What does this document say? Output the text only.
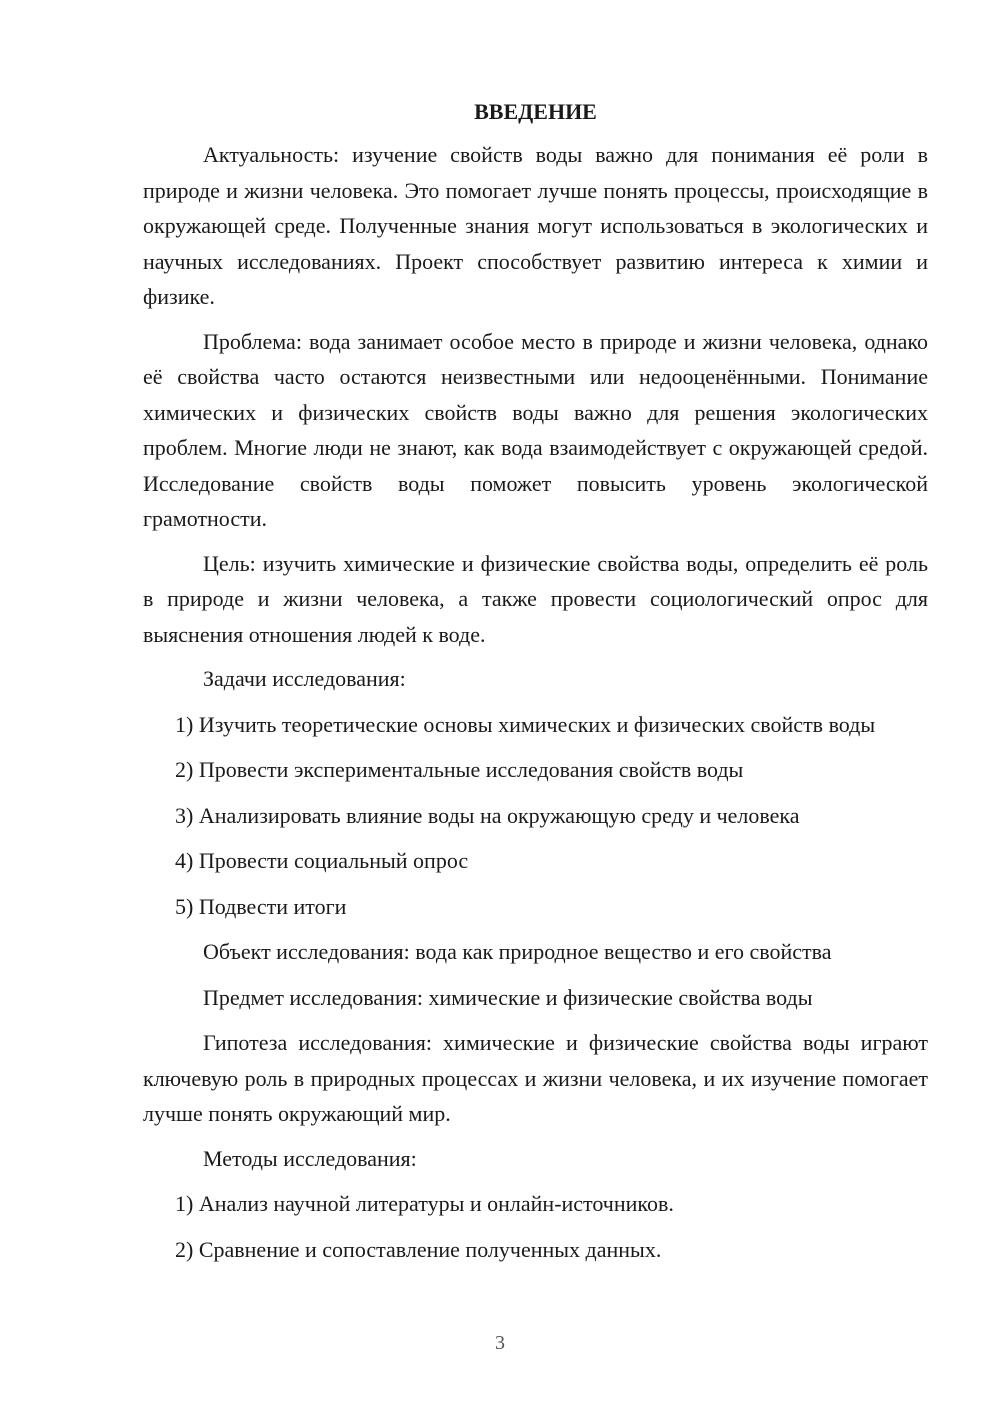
ВВЕДЕНИЕ

Актуальность: изучение свойств воды важно для понимания её роли в природе и жизни человека. Это помогает лучше понять процессы, происходящие в окружающей среде. Полученные знания могут использоваться в экологических и научных исследованиях. Проект способствует развитию интереса к химии и физике.

Проблема: вода занимает особое место в природе и жизни человека, однако её свойства часто остаются неизвестными или недооценёнными. Понимание химических и физических свойств воды важно для решения экологических проблем. Многие люди не знают, как вода взаимодействует с окружающей средой. Исследование свойств воды поможет повысить уровень экологической грамотности.

Цель: изучить химические и физические свойства воды, определить её роль в природе и жизни человека, а также провести социологический опрос для выяснения отношения людей к воде.

Задачи исследования:

1) Изучить теоретические основы химических и физических свойств воды

2) Провести экспериментальные исследования свойств воды

3) Анализировать влияние воды на окружающую среду и человека

4) Провести социальный опрос

5) Подвести итоги

Объект исследования: вода как природное вещество и его свойства

Предмет исследования: химические и физические свойства воды

Гипотеза исследования: химические и физические свойства воды играют ключевую роль в природных процессах и жизни человека, и их изучение помогает лучше понять окружающий мир.

Методы исследования:

1) Анализ научной литературы и онлайн-источников.

2) Сравнение и сопоставление полученных данных.

3
